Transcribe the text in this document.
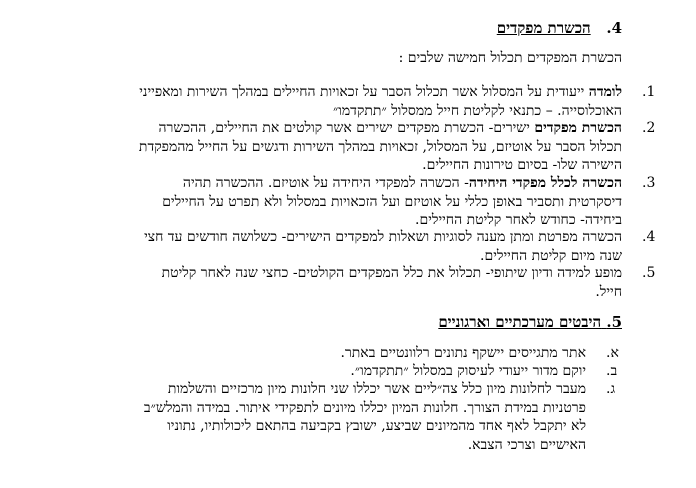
4.   הכשרת מפקדים
הכשרת המפקדים תכלול חמישה שלבים :
.1
לומדה ייעודית על המסלול אשר תכלול הסבר על זכאויות החיילים במהלך השירות ומאפייני
האוכלוסייה. – כתנאי לקליטת חייל ממסלול ״תתקדמו״
.2
הכשרת מפקדים ישירים- הכשרת מפקדים ישירים אשר קולטים את החיילים, ההכשרה
תכלול הסבר על אוטיזם, על המסלול, זכאויות במהלך השירות ודגשים על החייל מהמפקדת
הישירה שלו- בסיום טירונות החיילים.
.3
הכשרה לכלל מפקדי היחידה- הכשרה למפקדי היחידה על אוטיזם. ההכשרה תהיה
דיסקרטית ותסביר באופן כללי על אוטיזם ועל הזכאויות במסלול ולא תפרט על החיילים
ביחידה- כחודש לאחר קליטת החיילים.
.4
הכשרה מפרטת ומתן מענה לסוגיות ושאלות למפקדים הישירים- כשלושה חודשים עד חצי
שנה מיום קליטת החיילים.
.5
מופע למידה ודיון שיתופי- תכלול את כלל המפקדים הקולטים- כחצי שנה לאחר קליטת
חייל.
5. היבטים מערכתיים וארגוניים
.א
אתר מתגייסים יישקף נתונים רלוונטיים באתר.
.ב
יוקם מדור ייעודי לעיסוק במסלול ״תתקדמו״.
.ג
מעבר לחלונות מיון כלל צה״ליים אשר יכללו שני חלונות מיון מרכזיים והשלמות
פרטניות במידת הצורך. חלונות המיון יכללו מיונים לתפקידי איתור. במידה והמלש״ב
לא יתקבל לאף אחד מהמיונים שביצע, ישובץ בקביעה בהתאם ליכולותיו, נתוניו
האישיים וצרכי הצבא.
